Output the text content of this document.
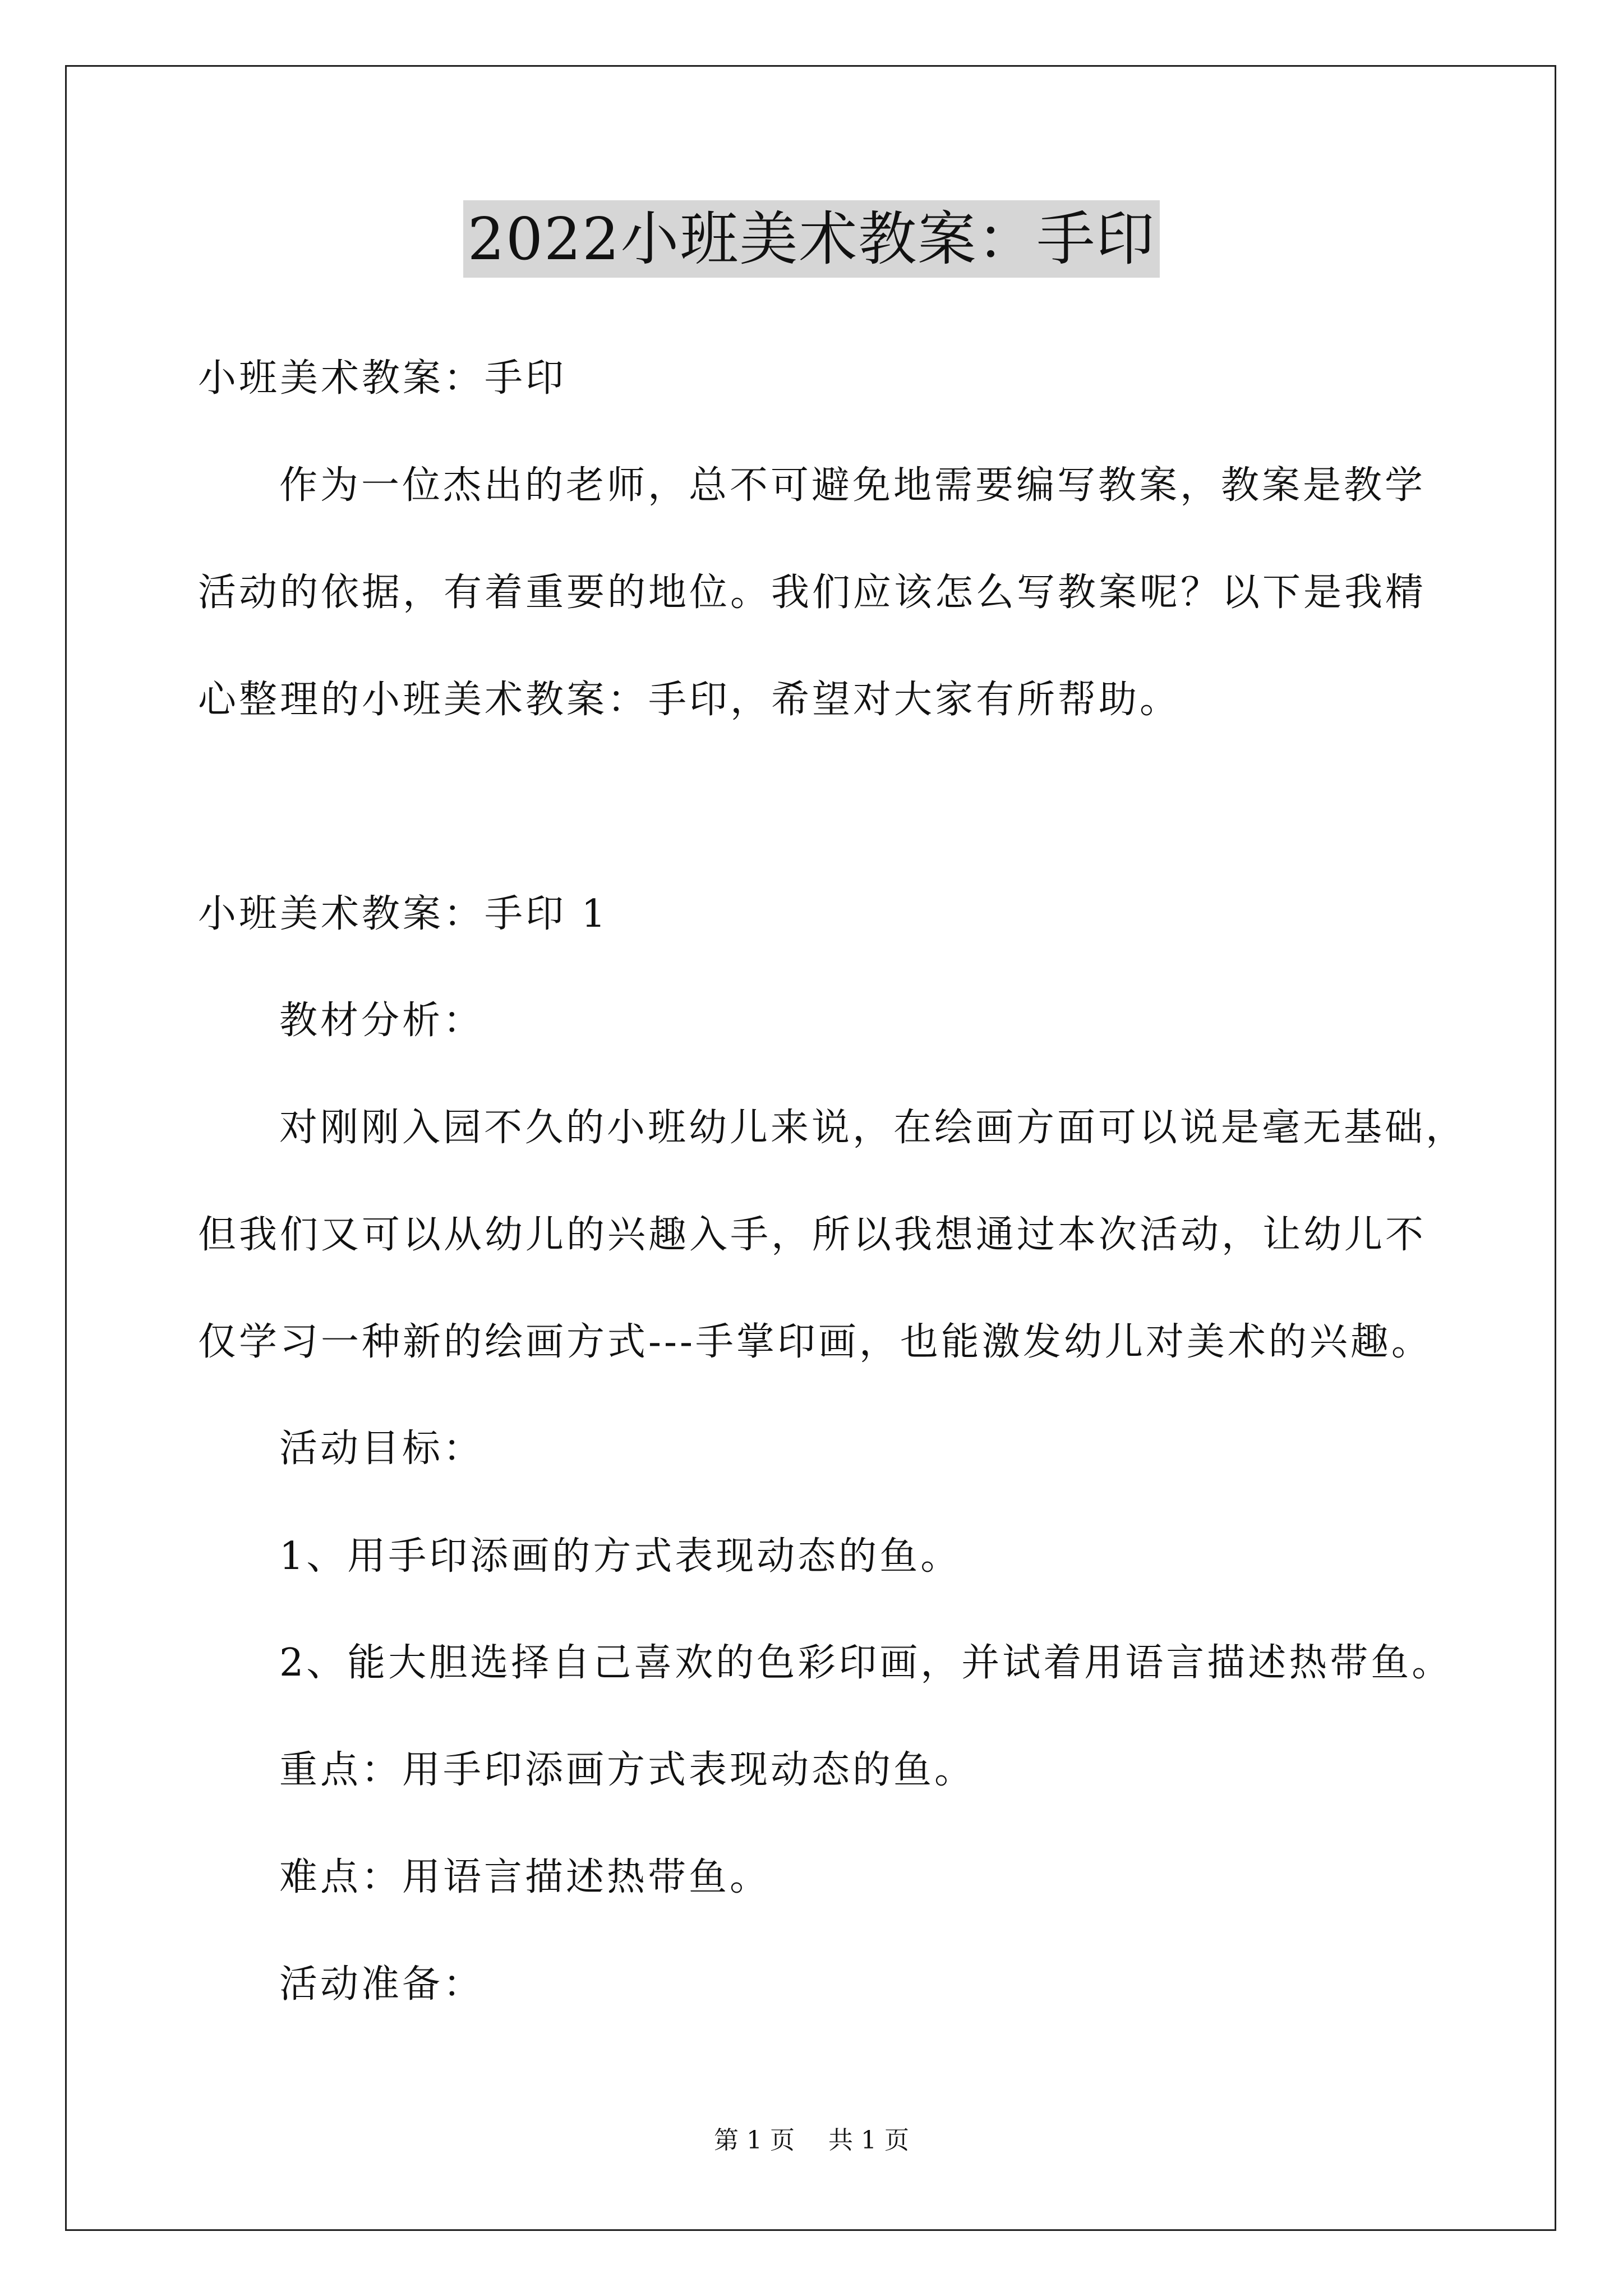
2022小班美术教案：手印
小班美术教案：手印
作为一位杰出的老师，总不可避免地需要编写教案，教案是教学
活动的依据，有着重要的地位。我们应该怎么写教案呢？以下是我精
心整理的小班美术教案：手印，希望对大家有所帮助。
小班美术教案：手印 1
教材分析：
对刚刚入园不久的小班幼儿来说，在绘画方面可以说是毫无基础，
但我们又可以从幼儿的兴趣入手，所以我想通过本次活动，让幼儿不
仅学习一种新的绘画方式---手掌印画，也能激发幼儿对美术的兴趣。
活动目标：
1、用手印添画的方式表现动态的鱼。
2、能大胆选择自己喜欢的色彩印画，并试着用语言描述热带鱼。
重点：用手印添画方式表现动态的鱼。
难点：用语言描述热带鱼。
活动准备：
第 1 页 共 1 页
